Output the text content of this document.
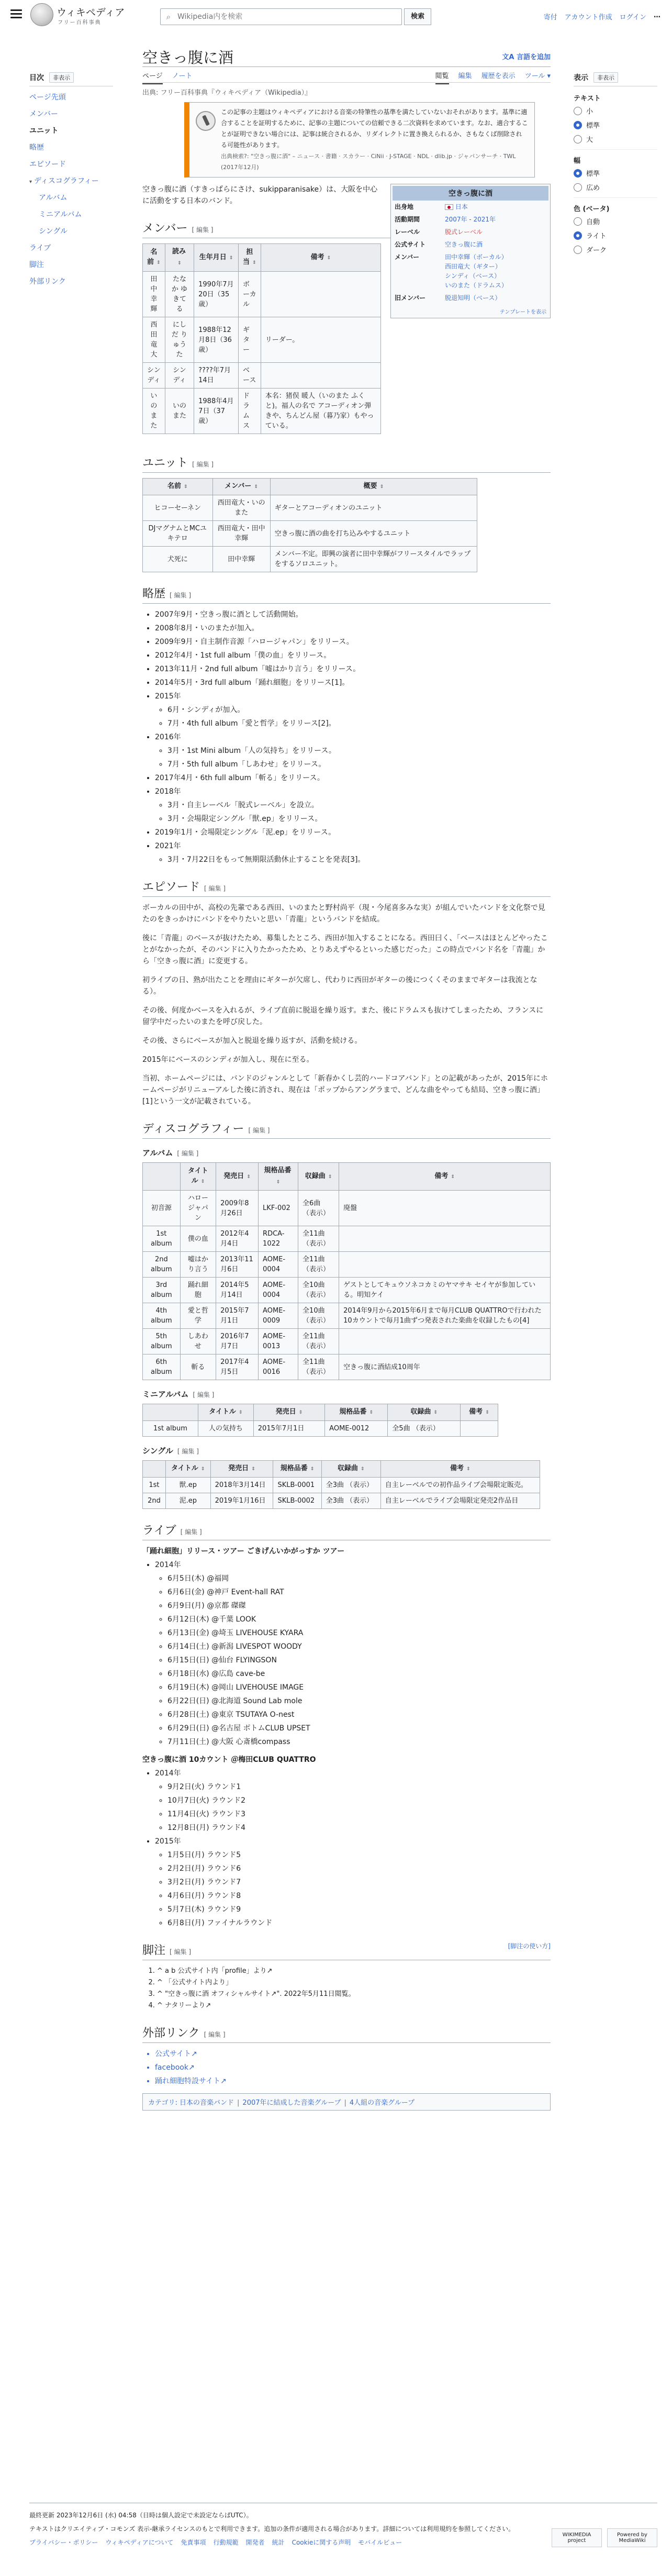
ウィキペディア
フリー百科事典
⌕
Wikipedia内を検索	検索	寄付 アカウント作成 ログイン …
目次	非表示
ページ先頭
メンバー
ユニット
略歴
エピソード
▾ ディスコグラフィー
アルバム
ミニアルバム
シングル
ライブ
脚注
外部リンク
表示	非表示
テキスト
小
標準
大
幅
標準
広め
色 (ベータ)
自動
ライト
ダーク
空きっ腹に酒	文A 言語を追加
ページ ノート	閲覧 編集 履歴を表示 ツール ▾
出典: フリー百科事典『ウィキペディア（Wikipedia）』
この記事の主題はウィキペディアにおける音楽の特筆性の基準を満たしていないおそれがあります。基準に適合することを証明するために、記事の主題についての信頼できる二次資料を求めています。なお、適合することが証明できない場合には、記事は統合されるか、リダイレクトに置き換えられるか、さもなくば削除される可能性があります。
出典検索?: "空きっ腹に酒" – ニュース · 書籍 · スカラー · CiNii · J-STAGE · NDL · dlib.jp · ジャパンサーチ · TWL (2017年12月)
空きっ腹に酒
出身地	日本
活動期間	2007年 - 2021年
レーベル	脱式レーベル
公式サイト	空きっ腹に酒
メンバー	田中幸輝（ボーカル）
西田竜大（ギター）
シンディ（ベース）
いのまた（ドラムス）
旧メンバー	脱退知明（ベース）
テンプレートを表示

空きっ腹に酒（すきっぱらにさけ、sukipparanisake）は、大阪を中心に活動をする日本のバンド。

メンバー [ 編集 ]
名前 ⇕	読み ⇕	生年月日 ⇕	担当 ⇕	備考 ⇕
田中幸輝	たなか ゆきてる	1990年7月20日（35歳）	ボーカル	
西田竜大	にしだ りゅうた	1988年12月8日（36歳）	ギター	リーダー。
シンディ	シンディ	????年7月14日	ベース	
いのまた	いのまた	1988年4月7日（37歳）	ドラムス	本名：猪俣 暖人（いのまた ふくと)。福人の名で アコーディオン弾きや、ちんどん屋（暮乃家）もやっている。
ユニット [ 編集 ]
名前 ⇕	メンバー ⇕	概要 ⇕
ヒコーセーネン	西田竜大・いのまた	ギターとアコーディオンのユニット
DJマグナムとMCユキテロ	西田竜大・田中幸輝	空きっ腹に酒の曲を打ち込みやするユニット
犬死に	田中幸輝	メンバー不定。即興の演者に田中幸輝がフリースタイルでラップをするソロユニット。
略歴 [ 編集 ]
• 2007年9月・空きっ腹に酒として活動開始。
• 2008年8月・いのまたが加入。
• 2009年9月・自主制作音源「ハロージャパン」をリリース。
• 2012年4月・1st full album「僕の血」をリリース。
• 2013年11月・2nd full album「嘘はかり言う」をリリース。
• 2014年5月・3rd full album「踊れ細胞」をリリース[1]。
• 2015年
◦ 6月・シンディが加入。
◦ 7月・4th full album「愛と哲学」をリリース[2]。
• 2016年
◦ 3月・1st Mini album「人の気持ち」をリリース。
◦ 7月・5th full album「しあわせ」をリリース。
• 2017年4月・6th full album「斬る」をリリース。
• 2018年
◦ 3月・自主レーベル「脱式レーベル」を設立。
◦ 3月・会場限定シングル「獣.ep」をリリース。
• 2019年1月・会場限定シングル「泥.ep」をリリース。
• 2021年
◦ 3月・7月22日をもって無期限活動休止することを発表[3]。
エピソード [ 編集 ]

ボーカルの田中が、高校の先輩である西田、いのまたと野村尚平（現・今尾喜多みな実）が組んでいたバンドを文化祭で見たのをきっかけにバンドをやりたいと思い「青龍」というバンドを結成。

後に「青龍」のベースが抜けたため、募集したところ、西田が加入することになる。西田曰く、「ベースはほとんどやったことがなかったが、そのバンドに入りたかったため、とりあえずやるといった感じだった」この時点でバンド名を「青龍」から「空きっ腹に酒」に変更する。

初ライブの日、熟が出たことを理由にギターが欠席し、代わりに西田がギターの後につくくそのままでギターは我流となる）。

その後、何度かベースを入れるが、ライブ直前に脱退を繰り返す。また、後にドラムスも抜けてしまったため、フランスに留学中だったいのまたを呼び戻した。

その後、さらにベースが加入と脱退を繰り返すが、活動を続ける。

2015年にベースのシンディが加入し、現在に至る。

当初、ホームページには、バンドのジャンルとして「新春かくし芸的ハードコアバンド」との記載があったが、2015年にホームページがリニューアルした後に消され、現在は「ポップからアングラまで、どんな曲をやっても結局、空きっ腹に酒」[1]という一文が記載されている。

ディスコグラフィー [ 編集 ]
アルバム [ 編集 ]
	タイトル ⇕	発売日 ⇕	規格品番 ⇕	収録曲 ⇕	備考 ⇕
初音源	ハロージャパン	2009年8月26日	LKF-002	全6曲 （表示）	廃盤
1st album	僕の血	2012年4月4日	RDCA-1022	全11曲 （表示）	
2nd album	嘘はかり言う	2013年11月6日	AOME-0004	全11曲 （表示）	
3rd album	踊れ細胞	2014年5月14日	AOME-0004	全10曲 （表示）	ゲストとしてキュウソネコカミのヤマサキ セイヤが参加している。明知ケイ
4th album	愛と哲学	2015年7月1日	AOME-0009	全10曲 （表示）	2014年9月から2015年6月まで毎月CLUB QUATTROで行われた10カウントで毎月1曲ずつ発表された楽曲を収録したもの[4]
5th album	しあわせ	2016年7月7日	AOME-0013	全11曲 （表示）	
6th album	斬る	2017年4月5日	AOME-0016	全11曲 （表示）	空きっ腹に酒結成10周年
ミニアルバム [ 編集 ]
	タイトル ⇕	発売日 ⇕	規格品番 ⇕	収録曲 ⇕	備考 ⇕
1st album	人の気持ち	2015年7月1日	AOME-0012	全5曲 （表示）	
シングル [ 編集 ]
	タイトル ⇕	発売日 ⇕	規格品番 ⇕	収録曲 ⇕	備考 ⇕
1st	獣.ep	2018年3月14日	SKLB-0001	全3曲 （表示）	自主レーベルでの初作品ライブ会場限定販売。
2nd	泥.ep	2019年1月16日	SKLB-0002	全3曲 （表示）	自主レーベルでライブ会場限定発売2作品目
ライブ [ 編集 ]
「踊れ細胞」リリース・ツアー ごきげんいかがっすか ツアー
• 2014年
◦ 6月5日(木) @福岡
◦ 6月6日(金) @神戸 Event-hall RAT
◦ 6月9日(月) @京都 磔磔
◦ 6月12日(木) @千葉 LOOK
◦ 6月13日(金) @埼玉 LIVEHOUSE KYARA
◦ 6月14日(土) @新潟 LIVESPOT WOODY
◦ 6月15日(日) @仙台 FLYINGSON
◦ 6月18日(水) @広島 cave-be
◦ 6月19日(木) @岡山 LIVEHOUSE IMAGE
◦ 6月22日(日) @北海道 Sound Lab mole
◦ 6月28日(土) @東京 TSUTAYA O-nest
◦ 6月29日(日) @名古屋 ボトムCLUB UPSET
◦ 7月11日(土) @大阪 心斎橋compass
空きっ腹に酒 10カウント ＠梅田CLUB QUATTRO
• 2014年
◦ 9月2日(火) ラウンド1
◦ 10月7日(火) ラウンド2
◦ 11月4日(火) ラウンド3
◦ 12月8日(月) ラウンド4
• 2015年
◦ 1月5日(月) ラウンド5
◦ 2月2日(月) ラウンド6
◦ 3月2日(月) ラウンド7
◦ 4月6日(月) ラウンド8
◦ 5月7日(木) ラウンド9
◦ 6月8日(月) ファイナルラウンド
脚注 [ 編集 ]
[脚注の使い方]
1. ^ a b 公式サイト内「profile」より↗
2. ^ 「公式サイト内より」
3. ^ "空きっ腹に酒 オフィシャルサイト↗". 2022年5月11日閲覧。
4. ^ ナタリーより↗
外部リンク [ 編集 ]
• 公式サイト↗
• facebook↗
• 踊れ細胞特設サイト↗
カテゴリ: 日本の音楽バンド | 2007年に結成した音楽グループ | 4人組の音楽グループ

最終更新 2023年12月6日 (水) 04:58（日時は個人設定で未設定ならばUTC）。

テキストはクリエイティブ・コモンズ 表示-継承ライセンスのもとで利用できます。追加の条件が適用される場合があります。詳細については利用規約を参照してください。

プライバシー・ポリシー ウィキペディアについて 免責事項 行動規範 開発者 統計 Cookieに関する声明 モバイルビュー
WIKIMEDIA project
Powered by MediaWiki
